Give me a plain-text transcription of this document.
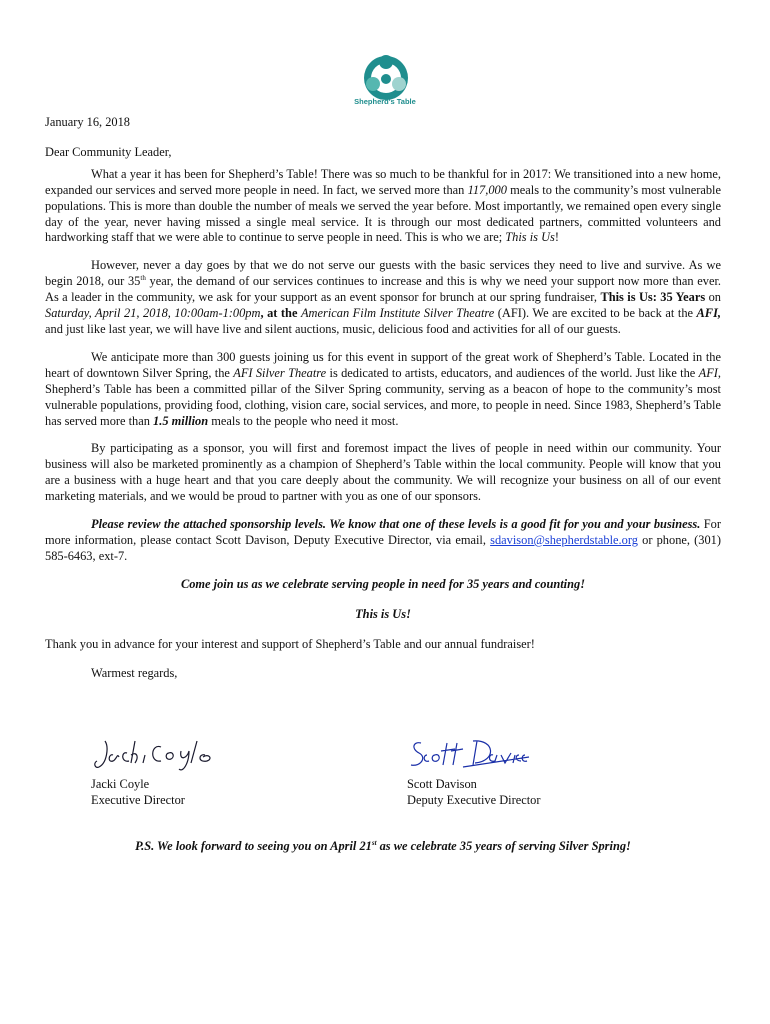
Shepherd's Table

January 16, 2018

Dear Community Leader,

What a year it has been for Shepherd’s Table! There was so much to be thankful for in 2017: We transitioned into a new home, expanded our services and served more people in need. In fact, we served more than 117,000 meals to the community’s most vulnerable populations. This is more than double the number of meals we served the year before. Most importantly, we remained open every single day of the year, never having missed a single meal service. It is through our most dedicated partners, committed volunteers and hardworking staff that we were able to continue to serve people in need. This is who we are; This is Us!

However, never a day goes by that we do not serve our guests with the basic services they need to live and survive. As we begin 2018, our 35th year, the demand of our services continues to increase and this is why we need your support now more than ever. As a leader in the community, we ask for your support as an event sponsor for brunch at our spring fundraiser, This is Us: 35 Years on Saturday, April 21, 2018, 10:00am-1:00pm, at the American Film Institute Silver Theatre (AFI). We are excited to be back at the AFI, and just like last year, we will have live and silent auctions, music, delicious food and activities for all of our guests.

We anticipate more than 300 guests joining us for this event in support of the great work of Shepherd’s Table. Located in the heart of downtown Silver Spring, the AFI Silver Theatre is dedicated to artists, educators, and audiences of the world. Just like the AFI, Shepherd’s Table has been a committed pillar of the Silver Spring community, serving as a beacon of hope to the community’s most vulnerable populations, providing food, clothing, vision care, social services, and more, to people in need. Since 1983, Shepherd’s Table has served more than 1.5 million meals to the people who need it most.

By participating as a sponsor, you will first and foremost impact the lives of people in need within our community. Your business will also be marketed prominently as a champion of Shepherd’s Table within the local community. People will know that you are a business with a huge heart and that you care deeply about the community. We will recognize your business on all of our event marketing materials, and we would be proud to partner with you as one of our sponsors.

Please review the attached sponsorship levels. We know that one of these levels is a good fit for you and your business. For more information, please contact Scott Davison, Deputy Executive Director, via email, sdavison@shepherdstable.org or phone, (301) 585-6463, ext-7.

Come join us as we celebrate serving people in need for 35 years and counting!

This is Us!

Thank you in advance for your interest and support of Shepherd’s Table and our annual fundraiser!

Warmest regards,

Jacki Coyle
Executive Director
Scott Davison
Deputy Executive Director

P.S. We look forward to seeing you on April 21st as we celebrate 35 years of serving Silver Spring!
